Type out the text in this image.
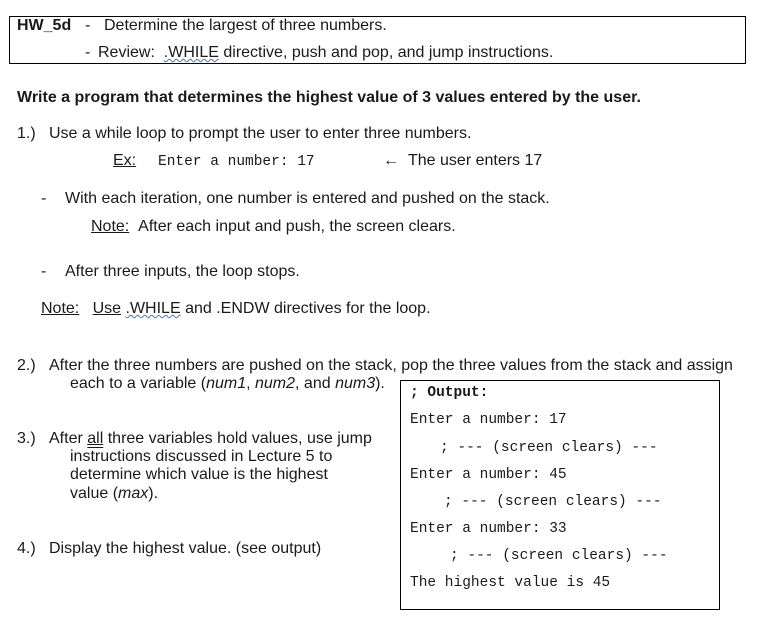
HW_5d - Determine the largest of three numbers.
- Review: .WHILE directive, push and pop, and jump instructions.
Write a program that determines the highest value of 3 values entered by the user.
1.) Use a while loop to prompt the user to enter three numbers.
Ex: Enter a number: 17	← The user enters 17
- With each iteration, one number is entered and pushed on the stack.
Note: After each input and push, the screen clears.
- After three inputs, the loop stops.
Note: Use .WHILE and .ENDW directives for the loop.
2.) After the three numbers are pushed on the stack, pop the three values from the stack and assign
each to a variable (num1, num2, and num3).
3.) After all three variables hold values, use jump
instructions discussed in Lecture 5 to
determine which value is the highest
value (max).
4.) Display the highest value. (see output)
; Output:
Enter a number: 17
; --- (screen clears) ---
Enter a number: 45
; --- (screen clears) ---
Enter a number: 33
; --- (screen clears) ---
The highest value is 45
